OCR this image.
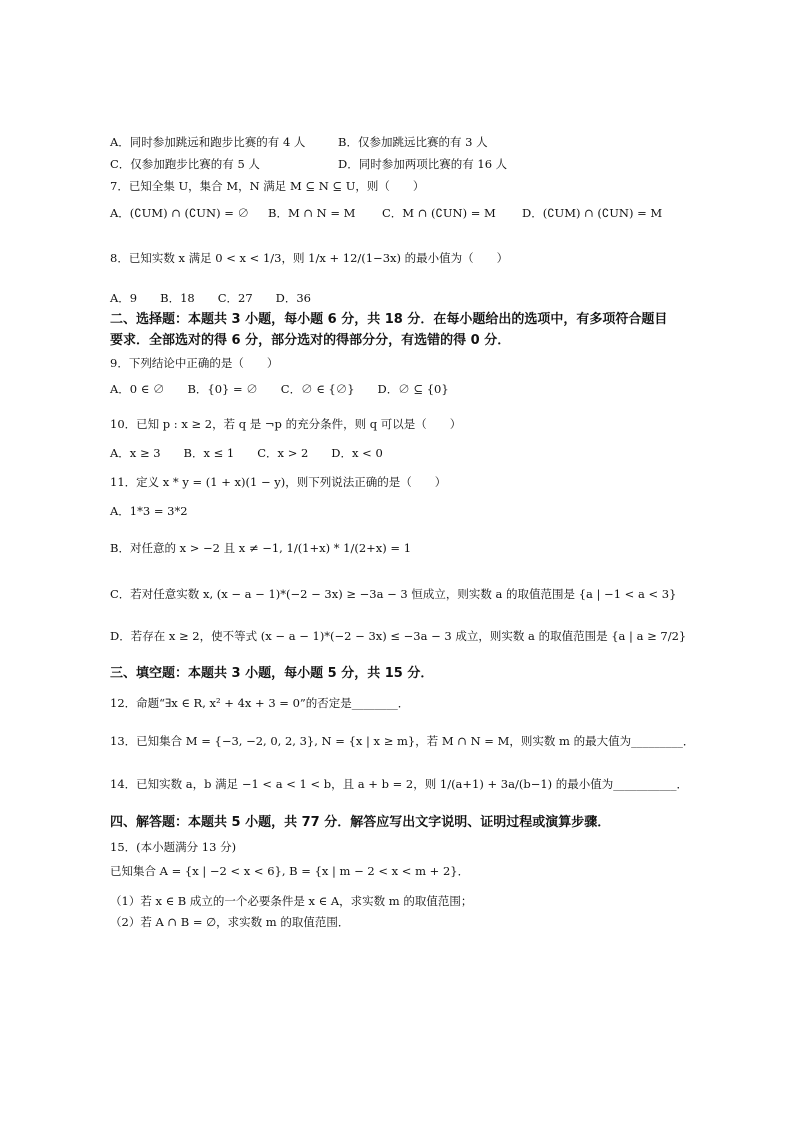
A．同时参加跳远和跑步比赛的有 4 人	B．仅参加跳远比赛的有 3 人
C．仅参加跑步比赛的有 5 人	D．同时参加两项比赛的有 16 人
7．已知全集 U，集合 M，N 满足 M ⊆ N ⊆ U，则（　　）
A．(∁UM) ∩ (∁UN) = ∅ B．M ∩ N = M C．M ∩ (∁UN) = M D．(∁UM) ∩ (∁UN) = M
8．已知实数 x 满足 0 < x < 1/3，则 1/x + 12/(1−3x) 的最小值为（　　）
A．9　　B．18　　C．27　　D．36
二、选择题：本题共 3 小题，每小题 6 分，共 18 分．在每小题给出的选项中，有多项符合题目
要求．全部选对的得 6 分，部分选对的得部分分，有选错的得 0 分．
9．下列结论中正确的是（　　）
A．0 ∈ ∅　　B．{0} = ∅　　C．∅ ∈ {∅}　　D．∅ ⊆ {0}
10．已知 p : x ≥ 2，若 q 是 ¬p 的充分条件，则 q 可以是（　　）
A．x ≥ 3　　B．x ≤ 1　　C．x > 2　　D．x < 0
11．定义 x * y = (1 + x)(1 − y)，则下列说法正确的是（　　）
A．1*3 = 3*2
B．对任意的 x > −2 且 x ≠ −1, 1/(1+x) * 1/(2+x) = 1
C．若对任意实数 x, (x − a − 1)*(−2 − 3x) ≥ −3a − 3 恒成立，则实数 a 的取值范围是 {a | −1 < a < 3}
D．若存在 x ≥ 2，使不等式 (x − a − 1)*(−2 − 3x) ≤ −3a − 3 成立，则实数 a 的取值范围是 {a | a ≥ 7/2}
三、填空题：本题共 3 小题，每小题 5 分，共 15 分．
12．命题“∃x ∈ R, x² + 4x + 3 = 0”的否定是________．
13．已知集合 M = {−3, −2, 0, 2, 3}, N = {x | x ≥ m}，若 M ∩ N = M，则实数 m 的最大值为_________．
14．已知实数 a，b 满足 −1 < a < 1 < b，且 a + b = 2，则 1/(a+1) + 3a/(b−1) 的最小值为___________．
四、解答题：本题共 5 小题，共 77 分．解答应写出文字说明、证明过程或演算步骤．
15．(本小题满分 13 分)
已知集合 A = {x | −2 < x < 6}, B = {x | m − 2 < x < m + 2}．
（1）若 x ∈ B 成立的一个必要条件是 x ∈ A，求实数 m 的取值范围；
（2）若 A ∩ B = ∅，求实数 m 的取值范围．
